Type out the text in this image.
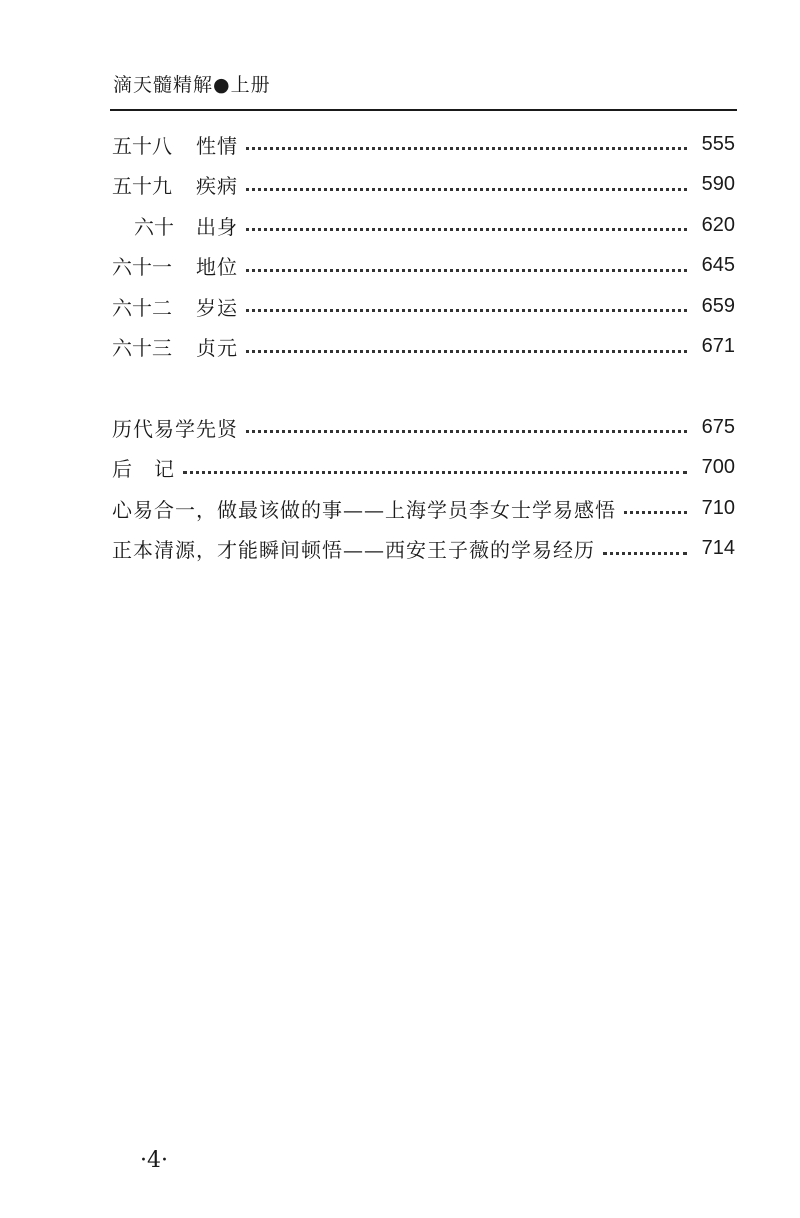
滴天髓精解●上册
五十八	性情	555
五十九	疾病	590
六十	出身	620
六十一	地位	645
六十二	岁运	659
六十三	贞元	671
历代易学先贤	675
后　记	700
心易合一，做最该做的事——上海学员李女士学易感悟	710
正本清源，才能瞬间顿悟——西安王子薇的学易经历	714
·4·
